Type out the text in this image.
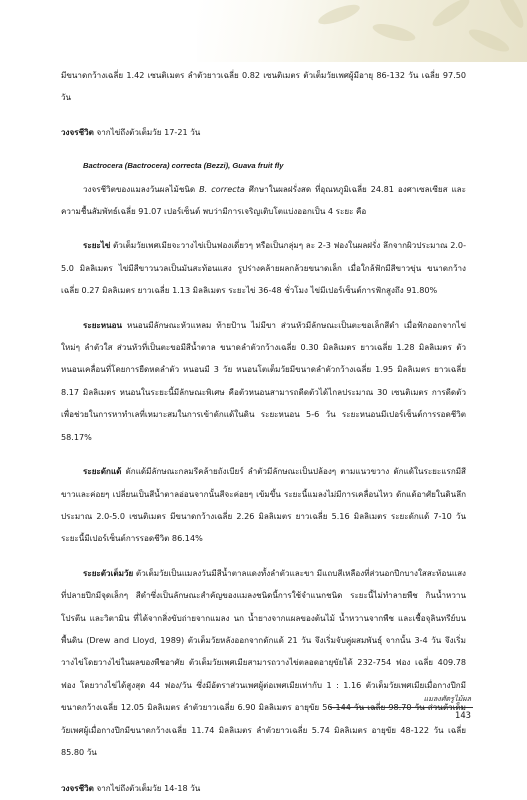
มีขนาดกว้างเฉลี่ย 1.42 เซนติเมตร ลำตัวยาวเฉลี่ย 0.82 เซนติเมตร ตัวเต็มวัยเพศผู้มีอายุ 86-132 วัน เฉลี่ย 97.50 วัน

วงจรชีวิต จากไข่ถึงตัวเต็มวัย 17-21 วัน

Bactrocera (Bactrocera) correcta (Bezzi), Guava fruit fly

วงจรชีวิตของแมลงวันผลไม้ชนิด B. correcta ศึกษาในผลฝรั่งสด ที่อุณหภูมิเฉลี่ย 24.81 องศาเซลเซียส และความชื้นสัมพัทธ์เฉลี่ย 91.07 เปอร์เซ็นต์ พบว่ามีการเจริญเติบโตแบ่งออกเป็น 4 ระยะ คือ

ระยะไข่ ตัวเต็มวัยเพศเมียจะวางไข่เป็นฟองเดี่ยวๆ หรือเป็นกลุ่มๆ ละ 2-3 ฟองในผลฝรั่ง ลึกจากผิวประมาณ 2.0-5.0 มิลลิเมตร ไข่มีสีขาวนวลเป็นมันสะท้อนแสง รูปร่างคล้ายผลกล้วยขนาดเล็ก เมื่อใกล้ฟักมีสีขาวขุ่น ขนาดกว้างเฉลี่ย 0.27 มิลลิเมตร ยาวเฉลี่ย 1.13 มิลลิเมตร ระยะไข่ 36-48 ชั่วโมง ไข่มีเปอร์เซ็นต์การฟักสูงถึง 91.80%

ระยะหนอน หนอนมีลักษณะหัวแหลม ท้ายป้าน ไม่มีขา ส่วนหัวมีลักษณะเป็นตะขอเล็กสีดำ เมื่อฟักออกจากไข่ใหม่ๆ ลำตัวใส ส่วนหัวที่เป็นตะขอมีสีน้ำตาล ขนาดลำตัวกว้างเฉลี่ย 0.30 มิลลิเมตร ยาวเฉลี่ย 1.28 มิลลิเมตร ตัวหนอนเคลื่อนที่โดยการยืดหดลำตัว หนอนมี 3 วัย หนอนโตเต็มวัยมีขนาดลำตัวกว้างเฉลี่ย 1.95 มิลลิเมตร ยาวเฉลี่ย 8.17 มิลลิเมตร หนอนในระยะนี้มีลักษณะพิเศษ คือตัวหนอนสามารถดีดตัวได้ไกลประมาณ 30 เซนติเมตร การดีดตัวเพื่อช่วยในการหาทำเลที่เหมาะสมในการเข้าดักแด้ในดิน ระยะหนอน 5-6 วัน ระยะหนอนมีเปอร์เซ็นต์การรอดชีวิต 58.17%

ระยะดักแด้ ดักแด้มีลักษณะกลมรีคล้ายถังเบียร์ ลำตัวมีลักษณะเป็นปล้องๆ ตามแนวขวาง ดักแด้ในระยะแรกมีสีขาวและค่อยๆ เปลี่ยนเป็นสีน้ำตาลอ่อนจากนั้นสีจะค่อยๆ เข้มขึ้น ระยะนี้แมลงไม่มีการเคลื่อนไหว ดักแด้อาศัยในดินลึกประมาณ 2.0-5.0 เซนติเมตร มีขนาดกว้างเฉลี่ย 2.26 มิลลิเมตร ยาวเฉลี่ย 5.16 มิลลิเมตร ระยะดักแด้ 7-10 วัน ระยะนี้มีเปอร์เซ็นต์การรอดชีวิต 86.14%

ระยะตัวเต็มวัย ตัวเต็มวัยเป็นแมลงวันมีสีน้ำตาลแดงทั้งลำตัวและขา มีแถบสีเหลืองที่ส่วนอกปีกบางใสสะท้อนแสงที่ปลายปีกมีจุดเล็กๆ สีดำซึ่งเป็นลักษณะสำคัญของแมลงชนิดนี้การใช้จำแนกชนิด ระยะนี้ไม่ทำลายพืช กินน้ำหวาน โปรตีน และวิตามิน ที่ได้จากสิ่งขับถ่ายจากแมลง นก น้ำยางจากแผลของต้นไม้ น้ำหวานจากพืช และเชื้อจุลินทรีย์บนพื้นดิน (Drew and Lloyd, 1989) ตัวเต็มวัยหลังออกจากดักแด้ 21 วัน จึงเริ่มจับคู่ผสมพันธุ์ จากนั้น 3-4 วัน จึงเริ่มวางไข่โดยวางไข่ในผลของพืชอาศัย ตัวเต็มวัยเพศเมียสามารถวางไข่ตลอดอายุขัยได้ 232-754 ฟอง เฉลี่ย 409.78 ฟอง โดยวางไข่ได้สูงสุด 44 ฟอง/วัน ซึ่งมีอัตราส่วนเพศผู้ต่อเพศเมียเท่ากับ 1 : 1.16 ตัวเต็มวัยเพศเมียเมื่อกางปีกมีขนาดกว้างเฉลี่ย 12.05 มิลลิเมตร ลำตัวยาวเฉลี่ย 6.90 มิลลิเมตร อายุขัย 56-144 วัน เฉลี่ย 98.70 วัน ส่วนตัวเต็มวัยเพศผู้เมื่อกางปีกมีขนาดกว้างเฉลี่ย 11.74 มิลลิเมตร ลำตัวยาวเฉลี่ย 5.74 มิลลิเมตร อายุขัย 48-122 วัน เฉลี่ย 85.80 วัน

วงจรชีวิต จากไข่ถึงตัวเต็มวัย 14-18 วัน

แมลงศัตรูไม้ผล
143
